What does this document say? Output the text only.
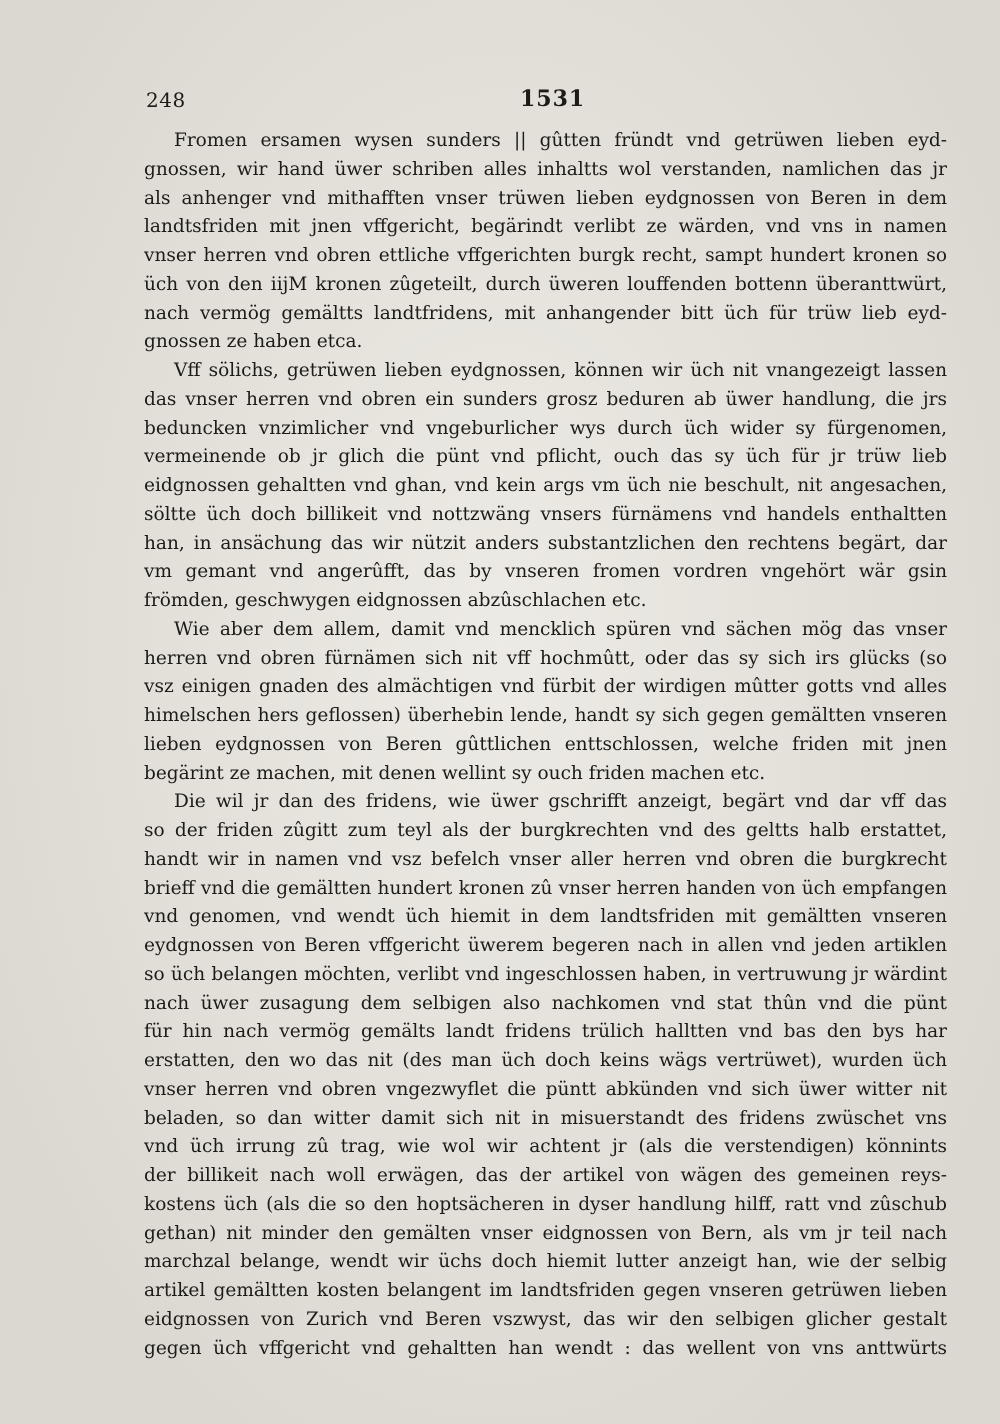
248	1531
Fromen ersamen wysen sunders || gûtten fründt vnd getrüwen lieben eyd-
gnossen, wir hand üwer schriben alles inhaltts wol verstanden, namlichen das jr
als anhenger vnd mithafften vnser trüwen lieben eydgnossen von Beren in dem
landtsfriden mit jnen vffgericht, begärindt verlibt ze wärden, vnd vns in namen
vnser herren vnd obren ettliche vffgerichten burgk recht, sampt hundert kronen so
üch von den iijM kronen zûgeteilt, durch üweren louffenden bottenn überanttwürt,
nach vermög gemältts landtfridens, mit anhangender bitt üch für trüw lieb eyd-
gnossen ze haben etca.
Vff sölichs, getrüwen lieben eydgnossen, können wir üch nit vnangezeigt lassen
das vnser herren vnd obren ein sunders grosz beduren ab üwer handlung, die jrs
beduncken vnzimlicher vnd vngeburlicher wys durch üch wider sy fürgenomen,
vermeinende ob jr glich die pünt vnd pflicht, ouch das sy üch für jr trüw lieb
eidgnossen gehaltten vnd ghan, vnd kein args vm üch nie beschult, nit angesachen,
söltte üch doch billikeit vnd nottzwäng vnsers fürnämens vnd handels enthaltten
han, in ansächung das wir nützit anders substantzlichen den rechtens begärt, dar
vm gemant vnd angerûfft, das by vnseren fromen vordren vngehört wär gsin
frömden, geschwygen eidgnossen abzûschlachen etc.
Wie aber dem allem, damit vnd mencklich spüren vnd sächen mög das vnser
herren vnd obren fürnämen sich nit vff hochmûtt, oder das sy sich irs glücks (so
vsz einigen gnaden des almächtigen vnd fürbit der wirdigen mûtter gotts vnd alles
himelschen hers geflossen) überhebin lende, handt sy sich gegen gemältten vnseren
lieben eydgnossen von Beren gûttlichen enttschlossen, welche friden mit jnen
begärint ze machen, mit denen wellint sy ouch friden machen etc.
Die wil jr dan des fridens, wie üwer gschrifft anzeigt, begärt vnd dar vff das
so der friden zûgitt zum teyl als der burgkrechten vnd des geltts halb erstattet,
handt wir in namen vnd vsz befelch vnser aller herren vnd obren die burgkrecht
brieff vnd die gemältten hundert kronen zû vnser herren handen von üch empfangen
vnd genomen, vnd wendt üch hiemit in dem landtsfriden mit gemältten vnseren
eydgnossen von Beren vffgericht üwerem begeren nach in allen vnd jeden artiklen
so üch belangen möchten, verlibt vnd ingeschlossen haben, in vertruwung jr wärdint
nach üwer zusagung dem selbigen also nachkomen vnd stat thûn vnd die pünt
für hin nach vermög gemälts landt fridens trülich halltten vnd bas den bys har
erstatten, den wo das nit (des man üch doch keins wägs vertrüwet), wurden üch
vnser herren vnd obren vngezwyflet die püntt abkünden vnd sich üwer witter nit
beladen, so dan witter damit sich nit in misuerstandt des fridens zwüschet vns
vnd üch irrung zû trag, wie wol wir achtent jr (als die verstendigen) könnints
der billikeit nach woll erwägen, das der artikel von wägen des gemeinen reys-
kostens üch (als die so den hoptsächeren in dyser handlung hilff, ratt vnd zûschub
gethan) nit minder den gemälten vnser eidgnossen von Bern, als vm jr teil nach
marchzal belange, wendt wir üchs doch hiemit lutter anzeigt han, wie der selbig
artikel gemältten kosten belangent im landtsfriden gegen vnseren getrüwen lieben
eidgnossen von Zurich vnd Beren vszwyst, das wir den selbigen glicher gestalt
gegen üch vffgericht vnd gehaltten han wendt : das wellent von vns anttwürts
